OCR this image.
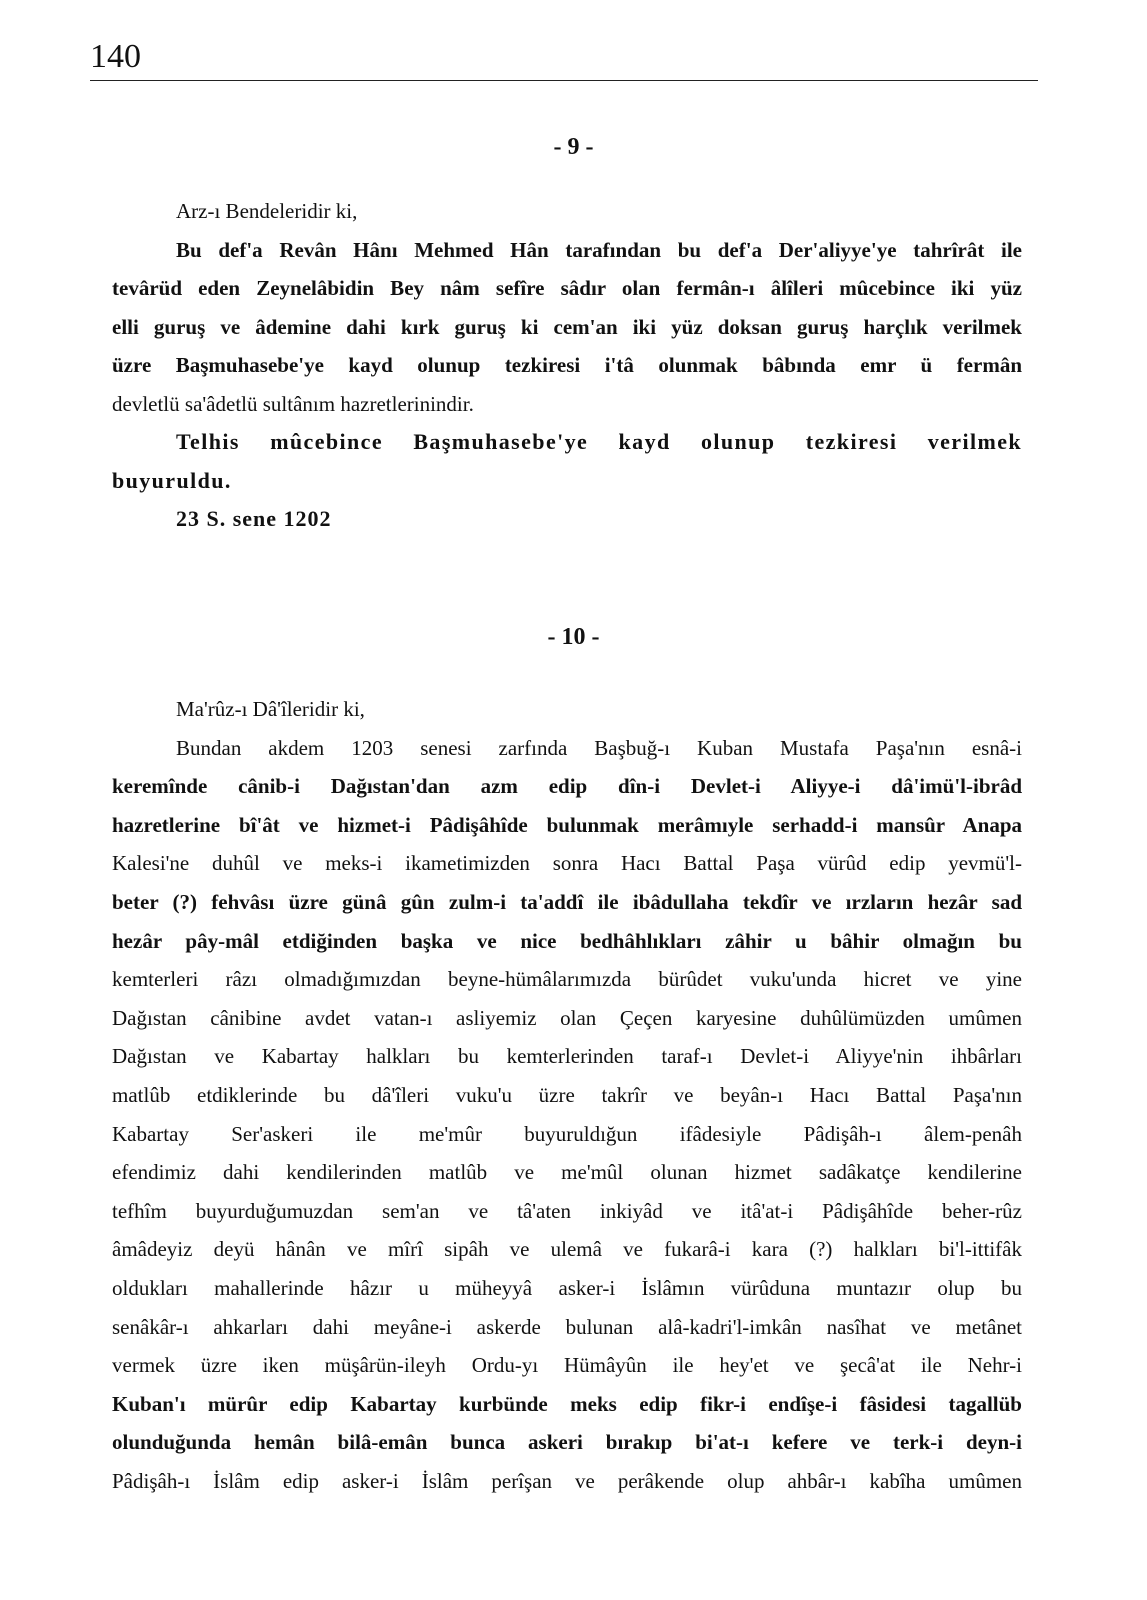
140
- 9 -
Arz-ı Bendeleridir ki,
Bu def'a Revân Hânı Mehmed Hân tarafından bu def'a Der'aliyye'ye tahrîrât ile
tevârüd eden Zeynelâbidin Bey nâm sefîre sâdır olan fermân-ı âlîleri mûcebince iki yüz
elli guruş ve âdemine dahi kırk guruş ki cem'an iki yüz doksan guruş harçlık verilmek
üzre Başmuhasebe'ye kayd olunup tezkiresi i'tâ olunmak bâbında emr ü fermân
devletlü sa'âdetlü sultânım hazretlerinindir.
Telhis mûcebince Başmuhasebe'ye kayd olunup tezkiresi verilmek
buyuruldu.
23 S. sene 1202
- 10 -
Ma'rûz-ı Dâ'îleridir ki,
Bundan akdem 1203 senesi zarfında Başbuğ-ı Kuban Mustafa Paşa'nın esnâ-i
keremînde cânib-i Dağıstan'dan azm edip dîn-i Devlet-i Aliyye-i dâ'imü'l-ibrâd
hazretlerine bî'ât ve hizmet-i Pâdişâhîde bulunmak merâmıyle serhadd-i mansûr Anapa
Kalesi'ne duhûl ve meks-i ikametimizden sonra Hacı Battal Paşa vürûd edip yevmü'l-
beter (?) fehvâsı üzre günâ gûn zulm-i ta'addî ile ibâdullaha tekdîr ve ırzların hezâr sad
hezâr pây-mâl etdiğinden başka ve nice bedhâhlıkları zâhir u bâhir olmağın bu
kemterleri râzı olmadığımızdan beyne-hümâlarımızda bürûdet vuku'unda hicret ve yine
Dağıstan cânibine avdet vatan-ı asliyemiz olan Çeçen karyesine duhûlümüzden umûmen
Dağıstan ve Kabartay halkları bu kemterlerinden taraf-ı Devlet-i Aliyye'nin ihbârları
matlûb etdiklerinde bu dâ'îleri vuku'u üzre takrîr ve beyân-ı Hacı Battal Paşa'nın
Kabartay Ser'askeri ile me'mûr buyuruldığun ifâdesiyle Pâdişâh-ı âlem-penâh
efendimiz dahi kendilerinden matlûb ve me'mûl olunan hizmet sadâkatçe kendilerine
tefhîm buyurduğumuzdan sem'an ve tâ'aten inkiyâd ve itâ'at-i Pâdişâhîde beher-rûz
âmâdeyiz deyü hânân ve mîrî sipâh ve ulemâ ve fukarâ-i kara (?) halkları bi'l-ittifâk
oldukları mahallerinde hâzır u müheyyâ asker-i İslâmın vürûduna muntazır olup bu
senâkâr-ı ahkarları dahi meyâne-i askerde bulunan alâ-kadri'l-imkân nasîhat ve metânet
vermek üzre iken müşârün-ileyh Ordu-yı Hümâyûn ile hey'et ve şecâ'at ile Nehr-i
Kuban'ı mürûr edip Kabartay kurbünde meks edip fikr-i endîşe-i fâsidesi tagallüb
olunduğunda hemân bilâ-emân bunca askeri bırakıp bi'at-ı kefere ve terk-i deyn-i
Pâdişâh-ı İslâm edip asker-i İslâm perîşan ve perâkende olup ahbâr-ı kabîha umûmen
